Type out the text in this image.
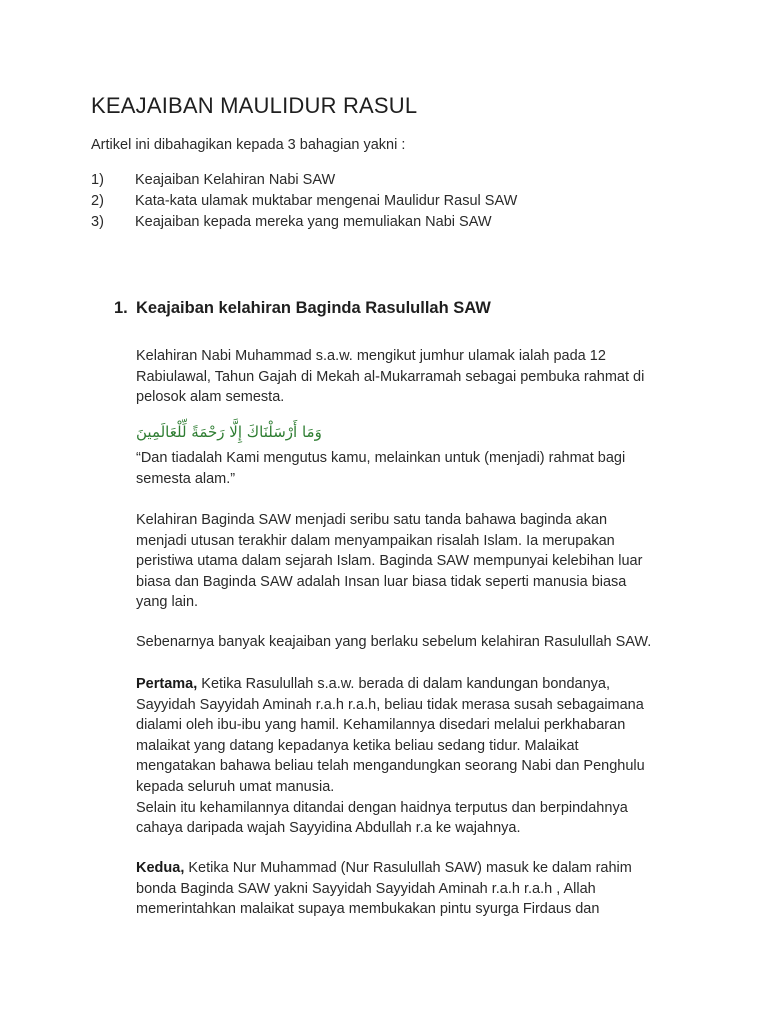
KEAJAIBAN MAULIDUR RASUL
Artikel ini dibahagikan kepada 3 bahagian yakni :
1) Keajaiban Kelahiran Nabi SAW
2) Kata-kata ulamak muktabar mengenai Maulidur Rasul SAW
3) Keajaiban kepada mereka yang memuliakan Nabi SAW
1. Keajaiban kelahiran Baginda Rasulullah SAW

Kelahiran Nabi Muhammad s.a.w. mengikut jumhur ulamak ialah pada 12
Rabiulawal, Tahun Gajah di Mekah al-Mukarramah sebagai pembuka rahmat di
pelosok alam semesta.

وَمَا أَرْسَلْنَاكَ إِلَّا رَحْمَةً لِّلْعَالَمِينَ

“Dan tiadalah Kami mengutus kamu, melainkan untuk (menjadi) rahmat bagi
semesta alam.”

Kelahiran Baginda SAW menjadi seribu satu tanda bahawa baginda akan
menjadi utusan terakhir dalam menyampaikan risalah Islam. Ia merupakan
peristiwa utama dalam sejarah Islam. Baginda SAW mempunyai kelebihan luar
biasa dan Baginda SAW adalah Insan luar biasa tidak seperti manusia biasa
yang lain.

Sebenarnya banyak keajaiban yang berlaku sebelum kelahiran Rasulullah SAW.

Pertama, Ketika Rasulullah s.a.w. berada di dalam kandungan bondanya,
Sayyidah Sayyidah Aminah r.a.h r.a.h, beliau tidak merasa susah sebagaimana
dialami oleh ibu-ibu yang hamil. Kehamilannya disedari melalui perkhabaran
malaikat yang datang kepadanya ketika beliau sedang tidur. Malaikat
mengatakan bahawa beliau telah mengandungkan seorang Nabi dan Penghulu
kepada seluruh umat manusia.
Selain itu kehamilannya ditandai dengan haidnya terputus dan berpindahnya
cahaya daripada wajah Sayyidina Abdullah r.a ke wajahnya.

Kedua, Ketika Nur Muhammad (Nur Rasulullah SAW) masuk ke dalam rahim
bonda Baginda SAW yakni Sayyidah Sayyidah Aminah r.a.h r.a.h , Allah
memerintahkan malaikat supaya membukakan pintu syurga Firdaus dan
